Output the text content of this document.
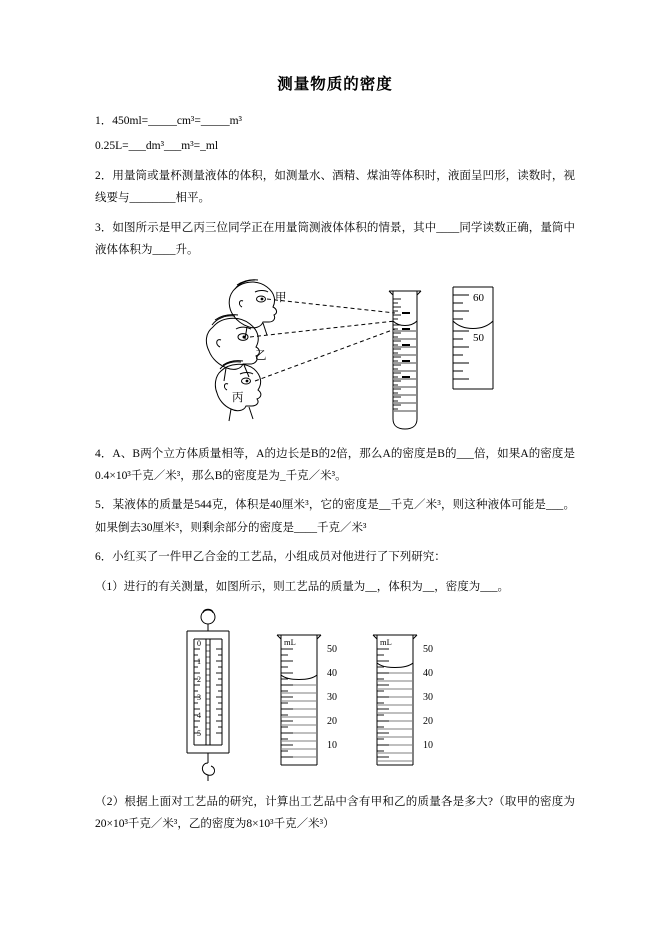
测量物质的密度

1．450ml=_____cm³=_____m³

0.25L=___dm³___m³=_ml

2．用量筒或量杯测量液体的体积，如测量水、酒精、煤油等体积时，液面呈凹形，读数时，视线要与________相平。

3．如图所示是甲乙丙三位同学正在用量筒测液体体积的情景，其中____同学读数正确，量筒中液体体积为____升。

60
50
甲
乙
丙

4．A、B两个立方体质量相等，A的边长是B的2倍，那么A的密度是B的___倍，如果A的密度是0.4×10³千克／米³，那么B的密度是为_千克／米³。

5．某液体的质量是544克，体积是40厘米³，它的密度是__千克／米³，则这种液体可能是___。如果倒去30厘米³，则剩余部分的密度是____千克／米³

6．小红买了一件甲乙合金的工艺品，小组成员对他进行了下列研究：

（1）进行的有关测量，如图所示，则工艺品的质量为__，体积为__，密度为___。

0
1
2
3
4
5
mL
50
40
30
20
10
mL
50
40
30
20
10

（2）根据上面对工艺品的研究，计算出工艺品中含有甲和乙的质量各是多大?（取甲的密度为20×10³千克／米³，乙的密度为8×10³千克／米³）
